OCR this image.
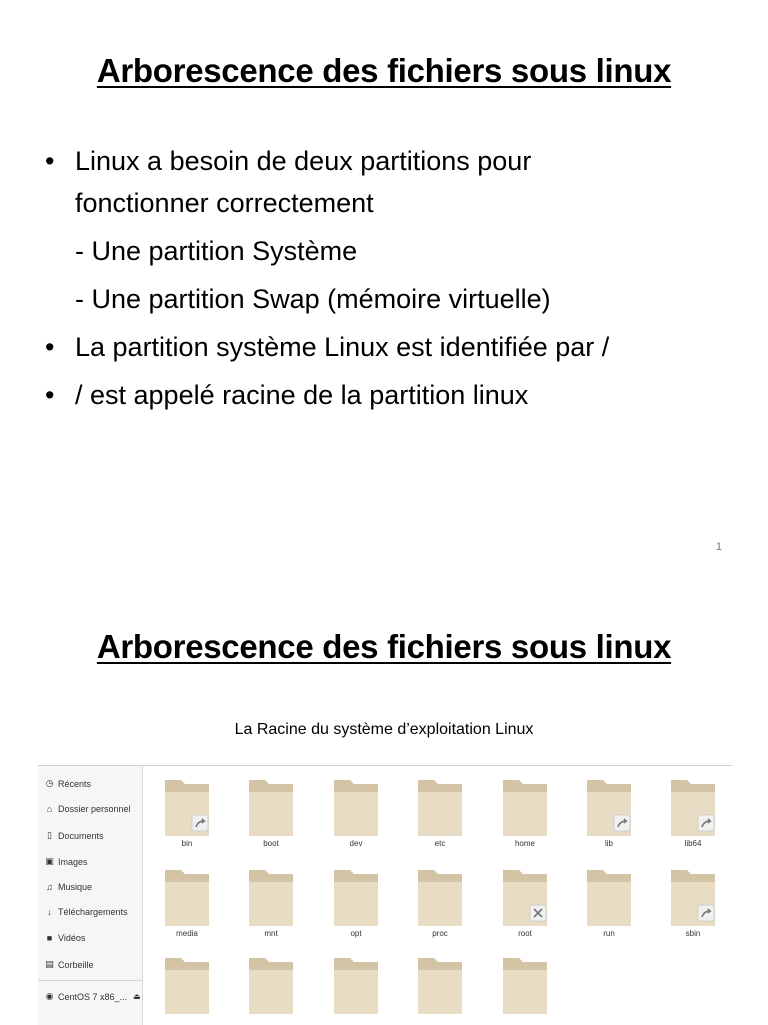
Arborescence des fichiers sous linux
• Linux a besoin de deux partitions pour
fonctionner correctement
- Une partition Système
- Une partition Swap (mémoire virtuelle)
• La partition système Linux est identifiée par /
• / est appelé racine de la partition linux
1
Arborescence des fichiers sous linux
La Racine du système d’exploitation Linux
◷ Récents
⌂ Dossier personnel
▯ Documents
▣ Images
♫ Musique
↓ Téléchargements
■ Vidéos
▤ Corbeille
◉ CentOS 7 x86_... ⏏
bin	boot	dev	etc	home	lib	lib64
media	mnt	opt	proc	root	run	sbin
